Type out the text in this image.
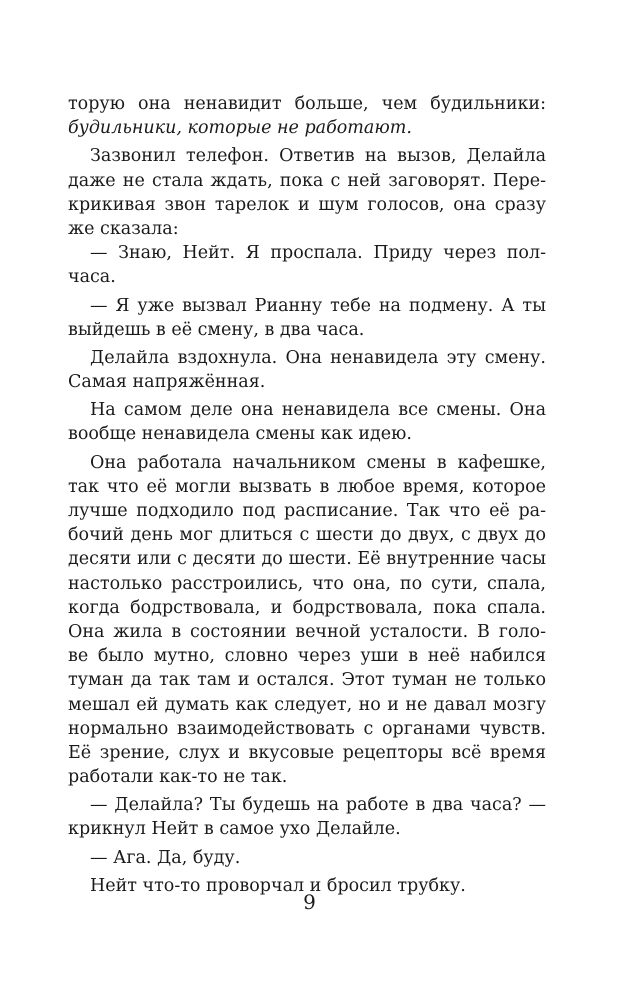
торую она ненавидит больше, чем будильники:
будильники, которые не работают.
Зазвонил телефон. Ответив на вызов, Делайла
даже не стала ждать, пока с ней заговорят. Пере-
крикивая звон тарелок и шум голосов, она сразу
же сказала:
— Знаю, Нейт. Я проспала. Приду через пол-
часа.
— Я уже вызвал Рианну тебе на подмену. А ты
выйдешь в её смену, в два часа.
Делайла вздохнула. Она ненавидела эту смену.
Самая напряжённая.
На самом деле она ненавидела все смены. Она
вообще ненавидела смены как идею.
Она работала начальником смены в кафешке,
так что её могли вызвать в любое время, которое
лучше подходило под расписание. Так что её ра-
бочий день мог длиться с шести до двух, с двух до
десяти или с десяти до шести. Её внутренние часы
настолько расстроились, что она, по сути, спала,
когда бодрствовала, и бодрствовала, пока спала.
Она жила в состоянии вечной усталости. В голо-
ве было мутно, словно через уши в неё набился
туман да так там и остался. Этот туман не только
мешал ей думать как следует, но и не давал мозгу
нормально взаимодействовать с органами чувств.
Её зрение, слух и вкусовые рецепторы всё время
работали как-то не так.
— Делайла? Ты будешь на работе в два часа? —
крикнул Нейт в самое ухо Делайле.
— Ага. Да, буду.
Нейт что-то проворчал и бросил трубку.
9
